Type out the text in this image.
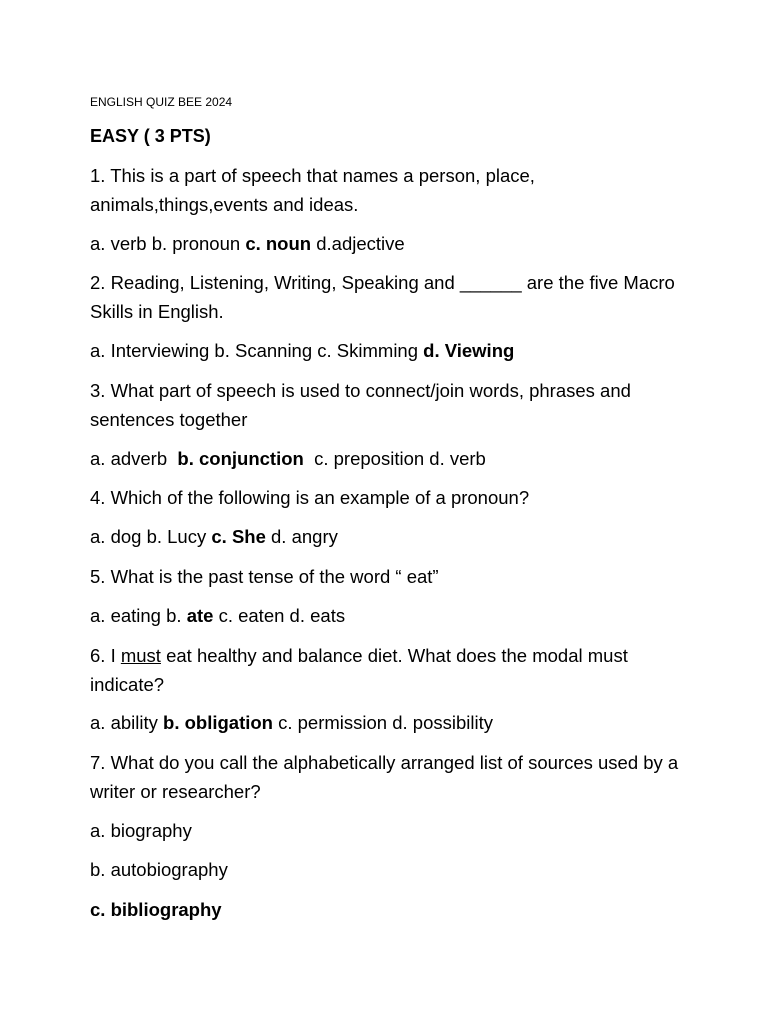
ENGLISH QUIZ BEE 2024
EASY ( 3 PTS)
1. This is a part of speech that names a person, place, animals,things,events and ideas.
a. verb b. pronoun c. noun d.adjective
2. Reading, Listening, Writing, Speaking and ______ are the five Macro Skills in English.
a. Interviewing b. Scanning c. Skimming d. Viewing
3. What part of speech is used to connect/join words, phrases and sentences together
a. adverb  b. conjunction  c. preposition d. verb
4. Which of the following is an example of a pronoun?
a. dog b. Lucy c. She d. angry
5. What is the past tense of the word “ eat”
a. eating b. ate c. eaten d. eats
6. I must eat healthy and balance diet. What does the modal must indicate?
a. ability b. obligation c. permission d. possibility
7. What do you call the alphabetically arranged list of sources used by a writer or researcher?
a. biography
b. autobiography
c. bibliography
